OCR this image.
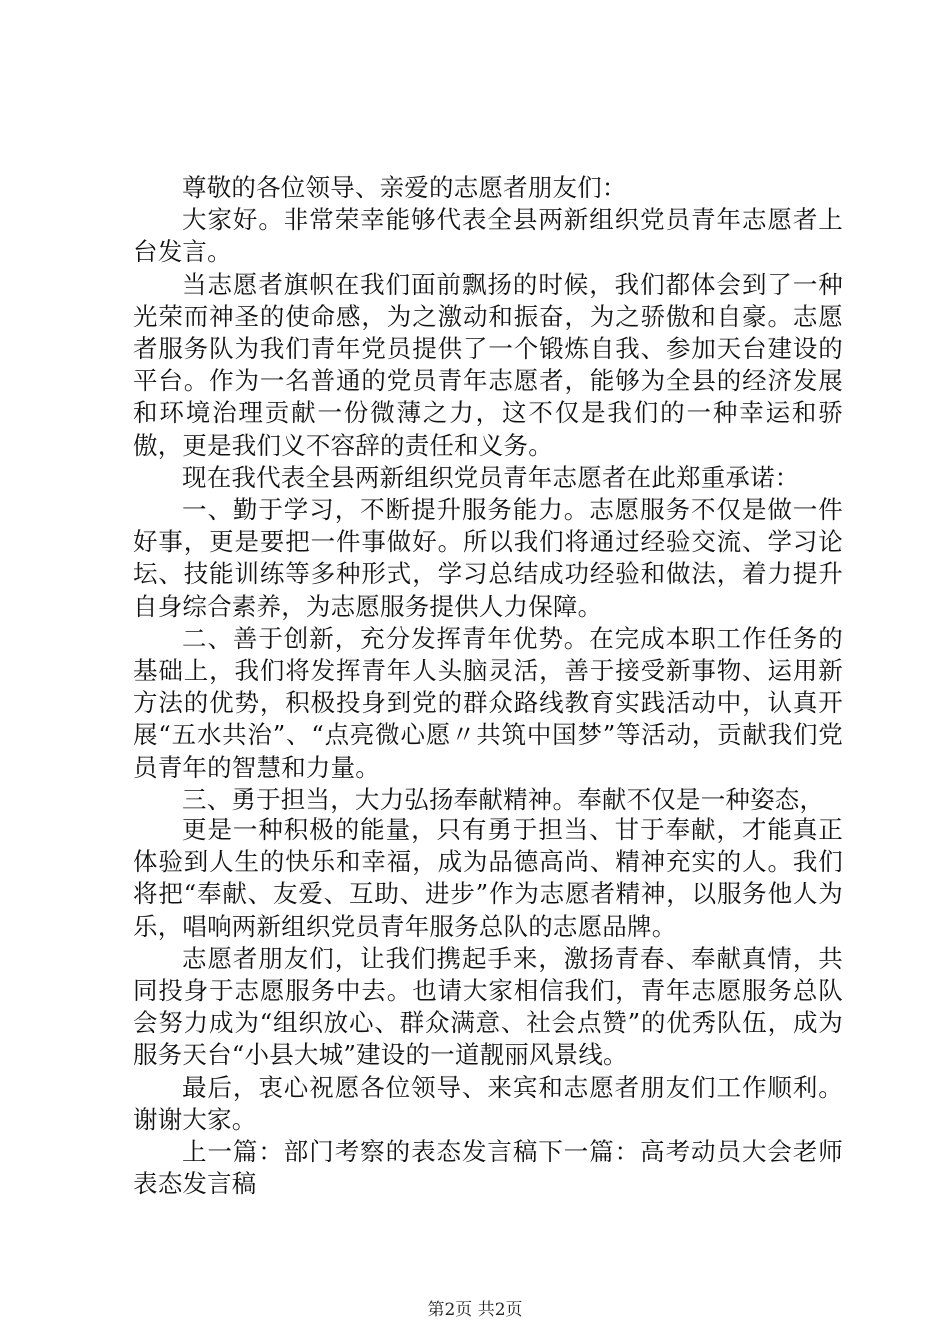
尊敬的各位领导、亲爱的志愿者朋友们：

大家好。非常荣幸能够代表全县两新组织党员青年志愿者上台发言。

当志愿者旗帜在我们面前飘扬的时候，我们都体会到了一种光荣而神圣的使命感，为之激动和振奋，为之骄傲和自豪。志愿者服务队为我们青年党员提供了一个锻炼自我、参加天台建设的平台。作为一名普通的党员青年志愿者，能够为全县的经济发展和环境治理贡献一份微薄之力，这不仅是我们的一种幸运和骄傲，更是我们义不容辞的责任和义务。

现在我代表全县两新组织党员青年志愿者在此郑重承诺：

一、勤于学习，不断提升服务能力。志愿服务不仅是做一件好事，更是要把一件事做好。所以我们将通过经验交流、学习论坛、技能训练等多种形式，学习总结成功经验和做法，着力提升自身综合素养，为志愿服务提供人力保障。

二、善于创新，充分发挥青年优势。在完成本职工作任务的基础上，我们将发挥青年人头脑灵活，善于接受新事物、运用新方法的优势，积极投身到党的群众路线教育实践活动中，认真开展“五水共治”、“点亮微心愿〃共筑中国梦”等活动，贡献我们党员青年的智慧和力量。

三、勇于担当，大力弘扬奉献精神。奉献不仅是一种姿态，

更是一种积极的能量，只有勇于担当、甘于奉献，才能真正体验到人生的快乐和幸福，成为品德高尚、精神充实的人。我们将把“奉献、友爱、互助、进步”作为志愿者精神，以服务他人为乐，唱响两新组织党员青年服务总队的志愿品牌。

志愿者朋友们，让我们携起手来，激扬青春、奉献真情，共同投身于志愿服务中去。也请大家相信我们，青年志愿服务总队会努力成为“组织放心、群众满意、社会点赞”的优秀队伍，成为服务天台“小县大城”建设的一道靓丽风景线。

最后，衷心祝愿各位领导、来宾和志愿者朋友们工作顺利。谢谢大家。

上一篇：部门考察的表态发言稿下一篇：高考动员大会老师表态发言稿

第2页 共2页
